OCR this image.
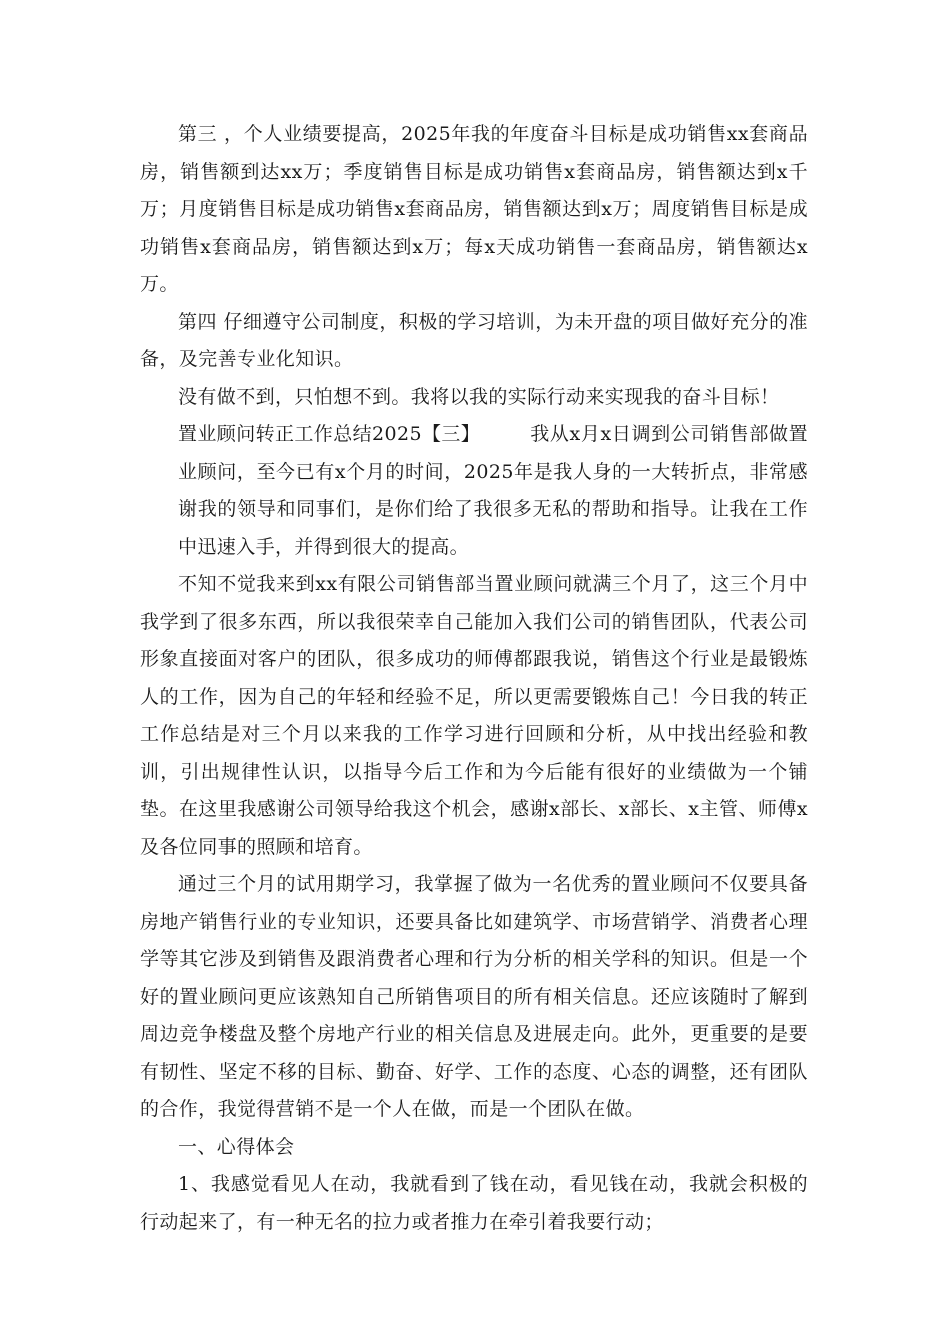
第三 ，个人业绩要提高，2025年我的年度奋斗目标是成功销售xx套商品房，销售额到达xx万；季度销售目标是成功销售x套商品房，销售额达到x千万；月度销售目标是成功销售x套商品房，销售额达到x万；周度销售目标是成功销售x套商品房，销售额达到x万；每x天成功销售一套商品房，销售额达x万。

第四 仔细遵守公司制度，积极的学习培训，为未开盘的项目做好充分的准备，及完善专业化知识。

没有做不到，只怕想不到。我将以我的实际行动来实现我的奋斗目标！

置业顾问转正工作总结2025【三】	我从x月x日调到公司销售部做置业顾问，至今已有x个月的时间，2025年是我人身的一大转折点，非常感谢我的领导和同事们，是你们给了我很多无私的帮助和指导。让我在工作中迅速入手，并得到很大的提高。

不知不觉我来到xx有限公司销售部当置业顾问就满三个月了，这三个月中我学到了很多东西，所以我很荣幸自己能加入我们公司的销售团队，代表公司形象直接面对客户的团队，很多成功的师傅都跟我说，销售这个行业是最锻炼人的工作，因为自己的年轻和经验不足，所以更需要锻炼自己！今日我的转正工作总结是对三个月以来我的工作学习进行回顾和分析，从中找出经验和教训，引出规律性认识，以指导今后工作和为今后能有很好的业绩做为一个铺垫。在这里我感谢公司领导给我这个机会，感谢x部长、x部长、x主管、师傅x及各位同事的照顾和培育。

通过三个月的试用期学习，我掌握了做为一名优秀的置业顾问不仅要具备房地产销售行业的专业知识，还要具备比如建筑学、市场营销学、消费者心理学等其它涉及到销售及跟消费者心理和行为分析的相关学科的知识。但是一个好的置业顾问更应该熟知自己所销售项目的所有相关信息。还应该随时了解到周边竞争楼盘及整个房地产行业的相关信息及进展走向。此外，更重要的是要有韧性、坚定不移的目标、勤奋、好学、工作的态度、心态的调整，还有团队的合作，我觉得营销不是一个人在做，而是一个团队在做。

一、心得体会

1、我感觉看见人在动，我就看到了钱在动，看见钱在动，我就会积极的行动起来了，有一种无名的拉力或者推力在牵引着我要行动；
